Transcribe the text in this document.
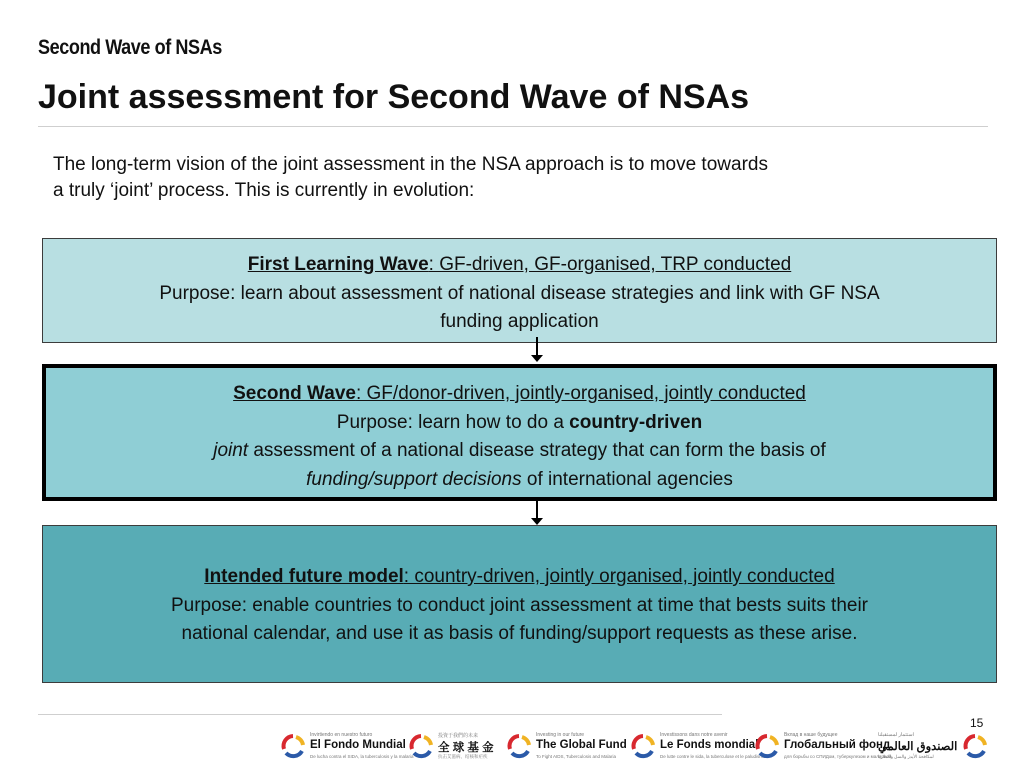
Second Wave of NSAs
Joint assessment for Second Wave of NSAs
The long-term vision of the joint assessment in the NSA approach is to move towards
a truly ‘joint’ process. This is currently in evolution:
First Learning Wave: GF-driven, GF-organised, TRP conducted
Purpose: learn about assessment of national disease strategies and link with GF NSA
funding application
Second Wave: GF/donor-driven, jointly-organised, jointly conducted
Purpose: learn how to do a country-driven
joint assessment of a national disease strategy that can form the basis of
funding/support decisions of international agencies
Intended future model: country-driven, jointly organised, jointly conducted
Purpose: enable countries to conduct joint assessment at time that bests suits their
national calendar, and use it as basis of funding/support requests as these arise.
15
Invirtiendo en nuestro futuro
El Fondo Mundial
De lucha contra el SIDA, la tuberculosis y la malaria
投資于我們的未来
全 球 基 金
抗击艾滋病、结核和疟疾
Investing in our future
The Global Fund
To Fight AIDS, Tuberculosis and Malaria
Investissons dans notre avenir
Le Fonds mondial
De lutte contre le sida, la tuberculose et le paludisme
Вклад в наше будущее
Глобальный фонд
для борьбы со СПИДом, туберкулезом и малярией
استثمار لمستقبلنا
الصندوق العالمي
لمكافحة الأيدز والسل والملاريا
